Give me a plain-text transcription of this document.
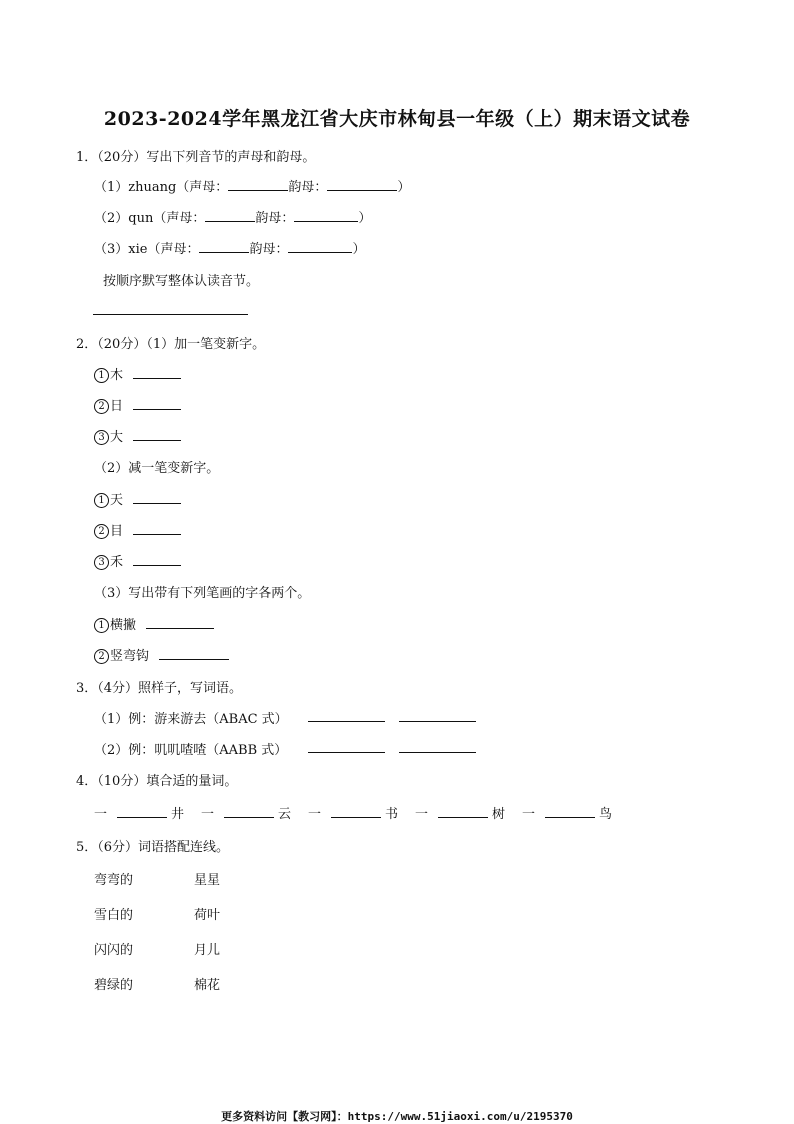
2023-2024学年黑龙江省大庆市林甸县一年级（上）期末语文试卷
1．（20分）写出下列音节的声母和韵母。
（1）zhuang（声母：	韵母：	）
（2）qun（声母：	韵母：	）
（3）xie（声母：	韵母：	）
按顺序默写整体认读音节。
2．（20分）（1）加一笔变新字。
1 木
2 日
3 大
（2）减一笔变新字。
1 天
2 目
3 禾
（3）写出带有下列笔画的字各两个。
1 横撇
2 竖弯钩
3．（4分）照样子，写词语。
（1）例：游来游去（ABAC 式）
（2）例：叽叽喳喳（AABB 式）
4．（10分）填合适的量词。
一	井 一	云 一	书 一	树 一	鸟
5．（6分）词语搭配连线。
弯弯的
雪白的
闪闪的
碧绿的
星星
荷叶
月儿
棉花
更多资料访问【教习网】：https://www.51jiaoxi.com/u/2195370
